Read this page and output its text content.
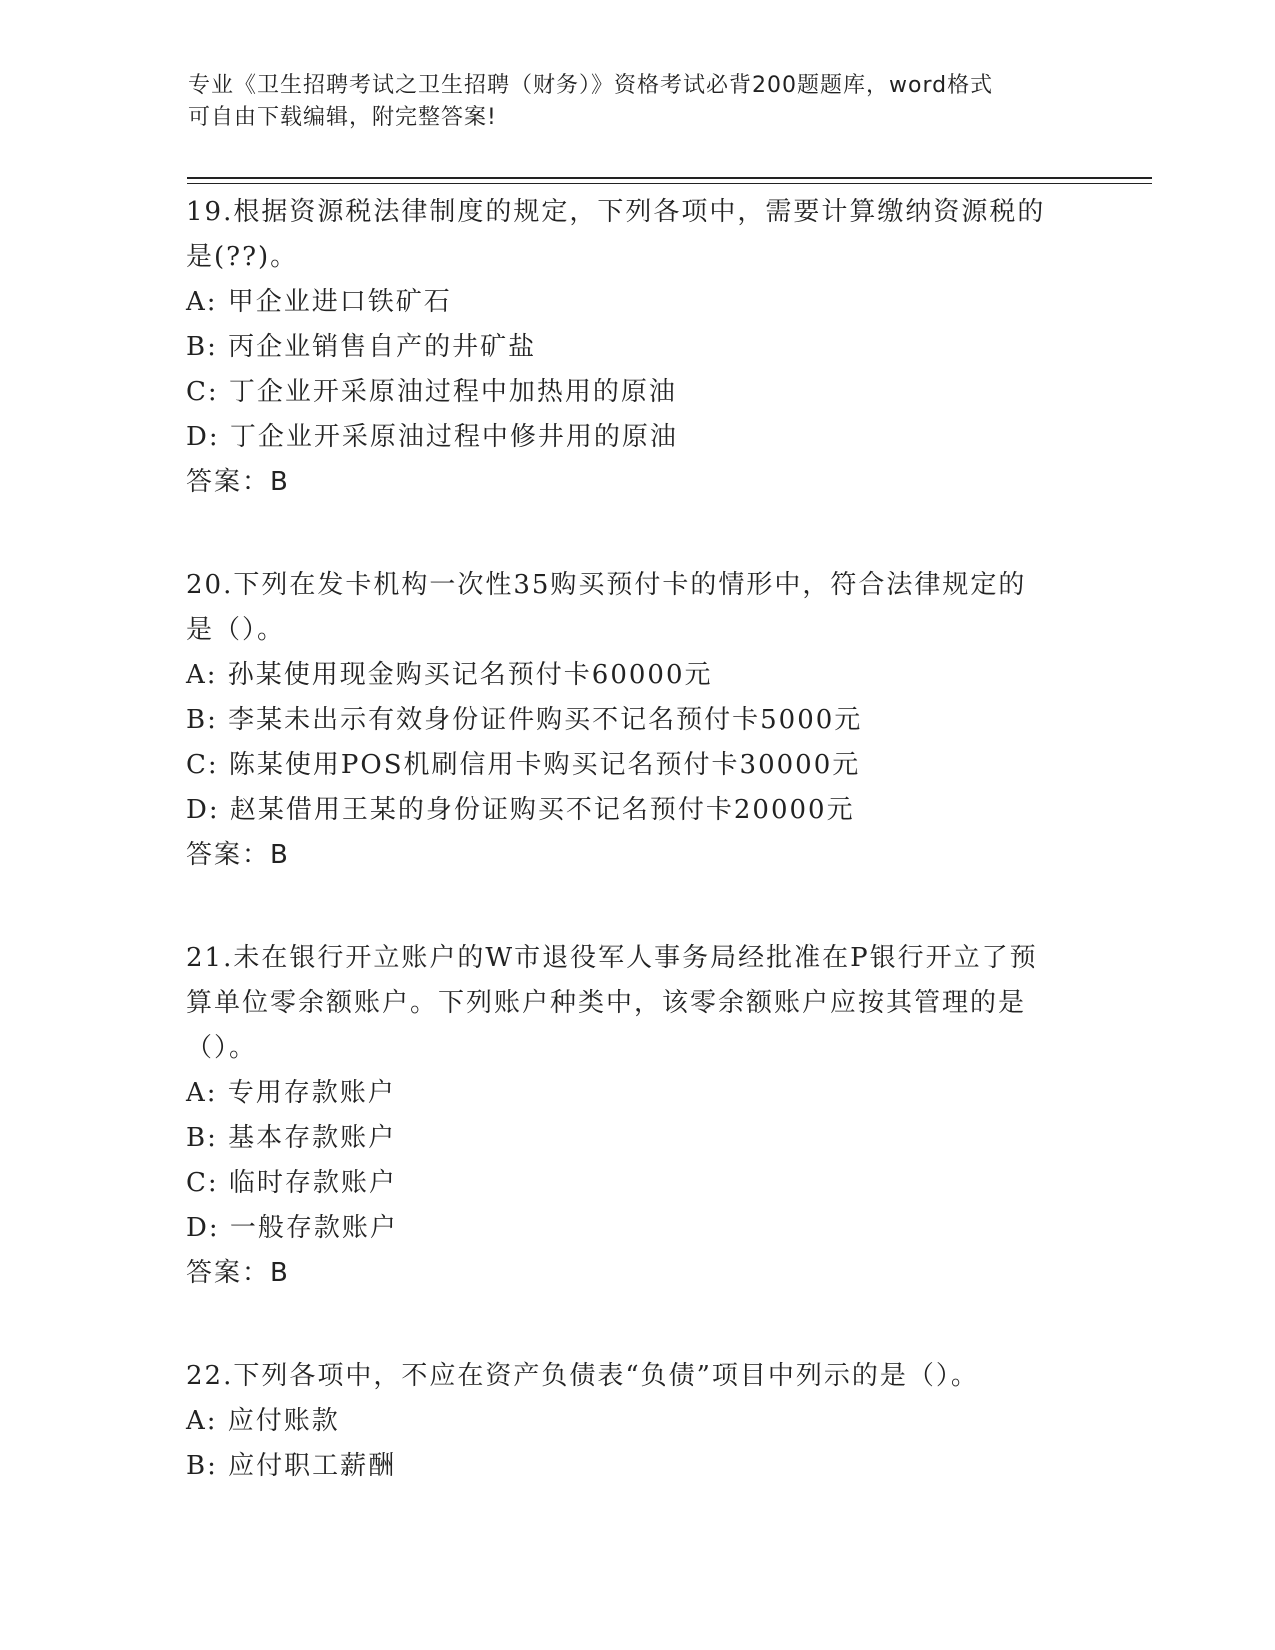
专业《卫生招聘考试之卫生招聘（财务）》资格考试必背200题题库，word格式
可自由下载编辑，附完整答案!
19.根据资源税法律制度的规定，下列各项中，需要计算缴纳资源税的
是(??)。
A: 甲企业进口铁矿石
B: 丙企业销售自产的井矿盐
C: 丁企业开采原油过程中加热用的原油
D: 丁企业开采原油过程中修井用的原油
答案：B
20.下列在发卡机构一次性35购买预付卡的情形中，符合法律规定的
是（）。
A: 孙某使用现金购买记名预付卡60000元
B: 李某未出示有效身份证件购买不记名预付卡5000元
C: 陈某使用POS机刷信用卡购买记名预付卡30000元
D: 赵某借用王某的身份证购买不记名预付卡20000元
答案：B
21.未在银行开立账户的W市退役军人事务局经批准在P银行开立了预
算单位零余额账户。下列账户种类中，该零余额账户应按其管理的是
（）。
A: 专用存款账户
B: 基本存款账户
C: 临时存款账户
D: 一般存款账户
答案：B
22.下列各项中，不应在资产负债表“负债”项目中列示的是（）。
A: 应付账款
B: 应付职工薪酬
